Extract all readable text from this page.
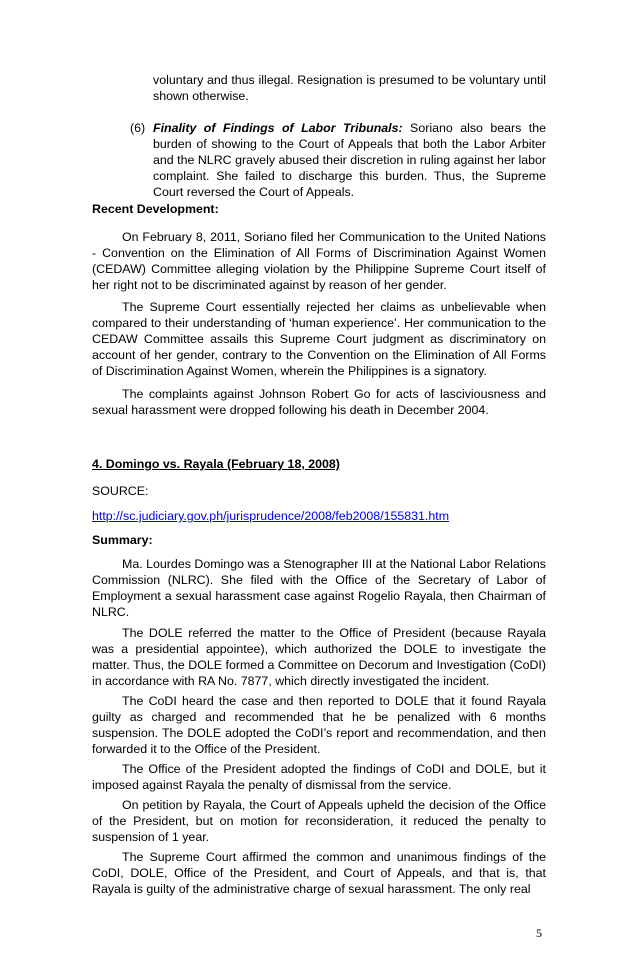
voluntary and thus illegal. Resignation is presumed to be voluntary until shown otherwise.

(6) Finality of Findings of Labor Tribunals: Soriano also bears the burden of showing to the Court of Appeals that both the Labor Arbiter and the NLRC gravely abused their discretion in ruling against her labor complaint. She failed to discharge this burden. Thus, the Supreme Court reversed the Court of Appeals.

Recent Development:

On February 8, 2011, Soriano filed her Communication to the United Nations - Convention on the Elimination of All Forms of Discrimination Against Women (CEDAW) Committee alleging violation by the Philippine Supreme Court itself of her right not to be discriminated against by reason of her gender.

The Supreme Court essentially rejected her claims as unbelievable when compared to their understanding of ‘human experience’. Her communication to the CEDAW Committee assails this Supreme Court judgment as discriminatory on account of her gender, contrary to the Convention on the Elimination of All Forms of Discrimination Against Women, wherein the Philippines is a signatory.

The complaints against Johnson Robert Go for acts of lasciviousness and sexual harassment were dropped following his death in December 2004.

4. Domingo vs. Rayala (February 18, 2008)

SOURCE:

http://sc.judiciary.gov.ph/jurisprudence/2008/feb2008/155831.htm

Summary:

Ma. Lourdes Domingo was a Stenographer III at the National Labor Relations Commission (NLRC). She filed with the Office of the Secretary of Labor of Employment a sexual harassment case against Rogelio Rayala, then Chairman of NLRC.

The DOLE referred the matter to the Office of President (because Rayala was a presidential appointee), which authorized the DOLE to investigate the matter. Thus, the DOLE formed a Committee on Decorum and Investigation (CoDI) in accordance with RA No. 7877, which directly investigated the incident.

The CoDI heard the case and then reported to DOLE that it found Rayala guilty as charged and recommended that he be penalized with 6 months suspension. The DOLE adopted the CoDI’s report and recommendation, and then forwarded it to the Office of the President.

The Office of the President adopted the findings of CoDI and DOLE, but it imposed against Rayala the penalty of dismissal from the service.

On petition by Rayala, the Court of Appeals upheld the decision of the Office of the President, but on motion for reconsideration, it reduced the penalty to suspension of 1 year.

The Supreme Court affirmed the common and unanimous findings of the CoDI, DOLE, Office of the President, and Court of Appeals, and that is, that Rayala is guilty of the administrative charge of sexual harassment. The only real

5
